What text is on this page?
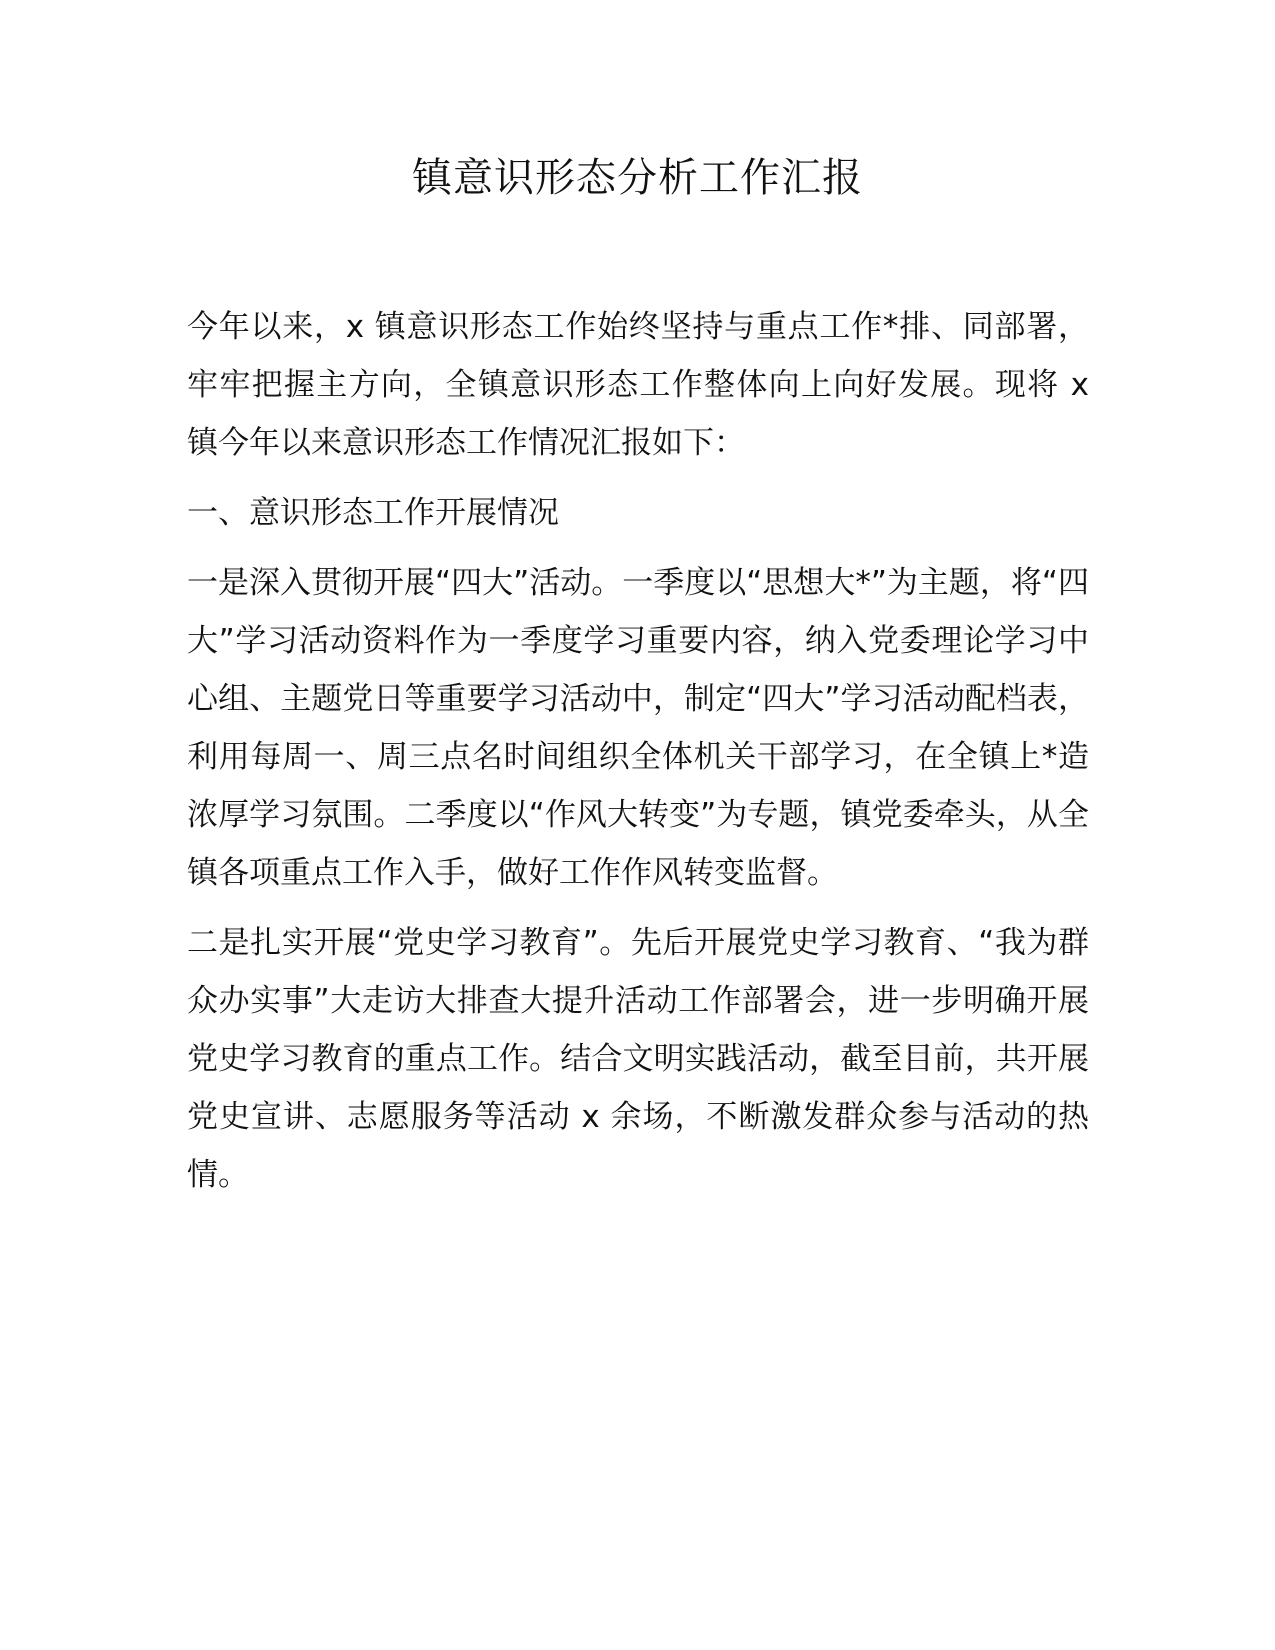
镇意识形态分析工作汇报

今年以来，x 镇意识形态工作始终坚持与重点工作*排、同部署，牢牢把握主方向，全镇意识形态工作整体向上向好发展。现将 x 镇今年以来意识形态工作情况汇报如下：

一、意识形态工作开展情况

一是深入贯彻开展“四大”活动。一季度以“思想大*”为主题，将“四大”学习活动资料作为一季度学习重要内容，纳入党委理论学习中心组、主题党日等重要学习活动中，制定“四大”学习活动配档表，利用每周一、周三点名时间组织全体机关干部学习，在全镇上*造浓厚学习氛围。二季度以“作风大转变”为专题，镇党委牵头，从全镇各项重点工作入手，做好工作作风转变监督。

二是扎实开展“党史学习教育”。先后开展党史学习教育、“我为群众办实事”大走访大排查大提升活动工作部署会，进一步明确开展党史学习教育的重点工作。结合文明实践活动，截至目前，共开展党史宣讲、志愿服务等活动 x 余场，不断激发群众参与活动的热情。
